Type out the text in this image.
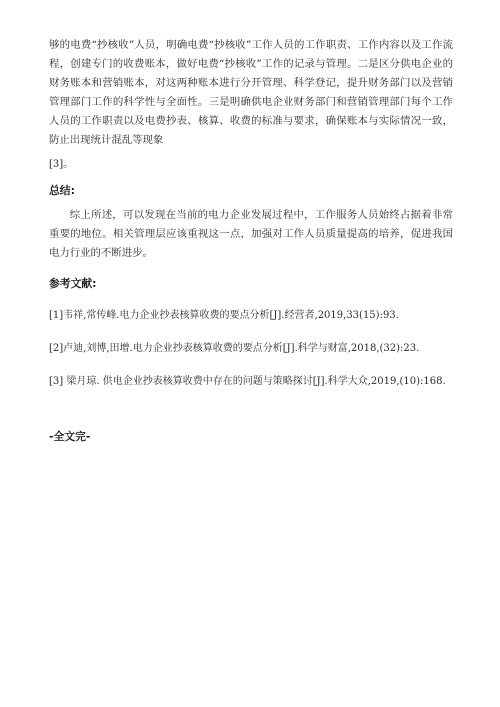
够的电费“抄核收”人员，明确电费“抄核收”工作人员的工作职责、工作内容以及工作流程，创建专门的收费账本，做好电费“抄核收”工作的记录与管理。二是区分供电企业的财务账本和营销账本，对这两种账本进行分开管理、科学登记，提升财务部门以及营销管理部门工作的科学性与全面性。三是明确供电企业财务部门和营销管理部门每个工作人员的工作职责以及电费抄表、核算、收费的标准与要求，确保账本与实际情况一致，防止出现统计混乱等现象

[3]。

总结:

综上所述，可以发现在当前的电力企业发展过程中，工作服务人员始终占据着非常重要的地位。相关管理层应该重视这一点，加强对工作人员质量提高的培养，促进我国电力行业的不断进步。

参考文献:
[1]韦祥,常传峰.电力企业抄表核算收费的要点分析[J].经营者,2019,33(15):93.
[2]卢迪,刘博,田增.电力企业抄表核算收费的要点分析[J].科学与财富,2018,(32):23.
[3] 梁月琼. 供电企业抄表核算收费中存在的问题与策略探讨[J].科学大众,2019,(10):168.
-全文完-
